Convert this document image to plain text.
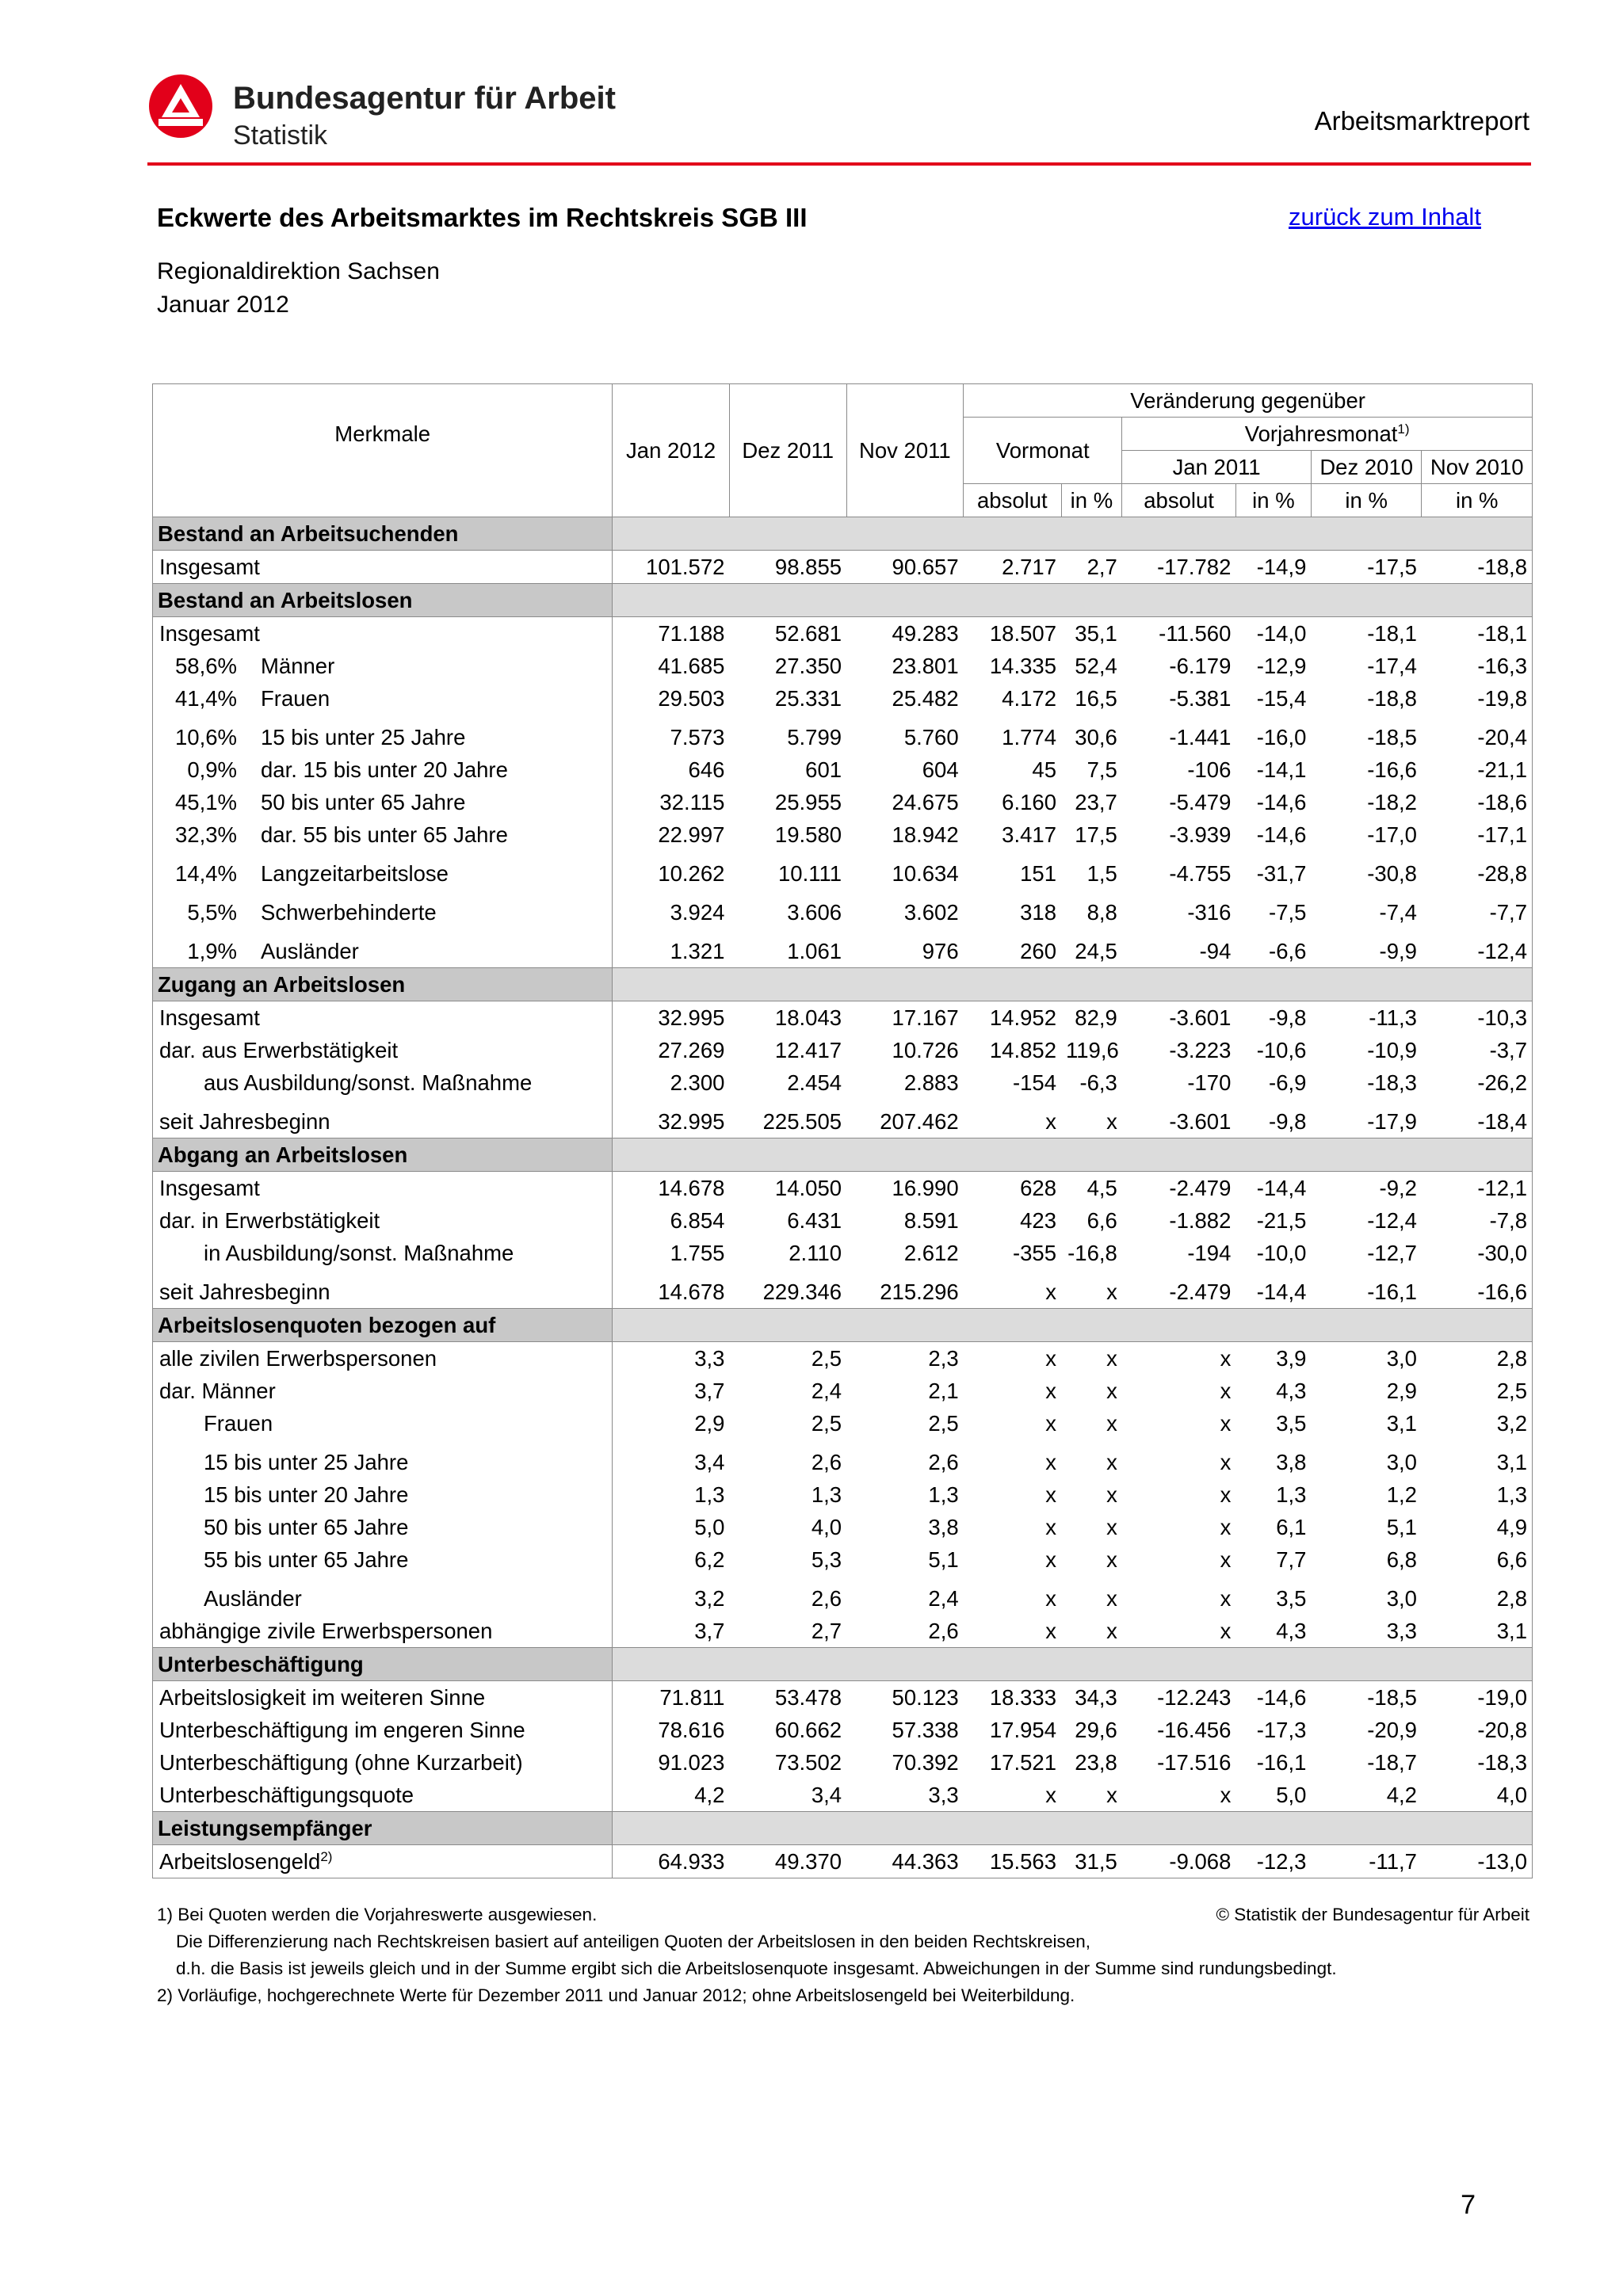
Bundesagentur für Arbeit
Statistik	Arbeitsmarktreport
Eckwerte des Arbeitsmarktes im Rechtskreis SGB III	zurück zum Inhalt
Regionaldirektion Sachsen
Januar 2012
Merkmale	Jan 2012	Dez 2011	Nov 2011	Veränderung gegenüber					
				Vormonat		Vorjahresmonat$^{1)}$
						Jan 2011		Dez 2010	Nov 2010
				absolut	in %	absolut	in %	in %	in %
Bestand an Arbeitsuchenden									
Insgesamt	101.572	98.855	90.657	2.717	2,7	-17.782	-14,9	-17,5	-18,8
Bestand an Arbeitslosen									
Insgesamt	71.188	52.681	49.283	18.507	35,1	-11.560	-14,0	-18,1	-18,1
58,6% Männer	41.685	27.350	23.801	14.335	52,4	-6.179	-12,9	-17,4	-16,3
41,4% Frauen	29.503	25.331	25.482	4.172	16,5	-5.381	-15,4	-18,8	-19,8
10,6% 15 bis unter 25 Jahre	7.573	5.799	5.760	1.774	30,6	-1.441	-16,0	-18,5	-20,4
0,9% dar. 15 bis unter 20 Jahre	646	601	604	45	7,5	-106	-14,1	-16,6	-21,1
45,1% 50 bis unter 65 Jahre	32.115	25.955	24.675	6.160	23,7	-5.479	-14,6	-18,2	-18,6
32,3% dar. 55 bis unter 65 Jahre	22.997	19.580	18.942	3.417	17,5	-3.939	-14,6	-17,0	-17,1
14,4% Langzeitarbeitslose	10.262	10.111	10.634	151	1,5	-4.755	-31,7	-30,8	-28,8
5,5% Schwerbehinderte	3.924	3.606	3.602	318	8,8	-316	-7,5	-7,4	-7,7
1,9% Ausländer	1.321	1.061	976	260	24,5	-94	-6,6	-9,9	-12,4
Zugang an Arbeitslosen									
Insgesamt	32.995	18.043	17.167	14.952	82,9	-3.601	-9,8	-11,3	-10,3
dar. aus Erwerbstätigkeit	27.269	12.417	10.726	14.852	119,6	-3.223	-10,6	-10,9	-3,7
aus Ausbildung/sonst. Maßnahme	2.300	2.454	2.883	-154	-6,3	-170	-6,9	-18,3	-26,2
seit Jahresbeginn	32.995	225.505	207.462	x	x	-3.601	-9,8	-17,9	-18,4
Abgang an Arbeitslosen									
Insgesamt	14.678	14.050	16.990	628	4,5	-2.479	-14,4	-9,2	-12,1
dar. in Erwerbstätigkeit	6.854	6.431	8.591	423	6,6	-1.882	-21,5	-12,4	-7,8
in Ausbildung/sonst. Maßnahme	1.755	2.110	2.612	-355	-16,8	-194	-10,0	-12,7	-30,0
seit Jahresbeginn	14.678	229.346	215.296	x	x	-2.479	-14,4	-16,1	-16,6
Arbeitslosenquoten bezogen auf									
alle zivilen Erwerbspersonen	3,3	2,5	2,3	x	x	x	3,9	3,0	2,8
dar. Männer	3,7	2,4	2,1	x	x	x	4,3	2,9	2,5
Frauen	2,9	2,5	2,5	x	x	x	3,5	3,1	3,2
15 bis unter 25 Jahre	3,4	2,6	2,6	x	x	x	3,8	3,0	3,1
15 bis unter 20 Jahre	1,3	1,3	1,3	x	x	x	1,3	1,2	1,3
50 bis unter 65 Jahre	5,0	4,0	3,8	x	x	x	6,1	5,1	4,9
55 bis unter 65 Jahre	6,2	5,3	5,1	x	x	x	7,7	6,8	6,6
Ausländer	3,2	2,6	2,4	x	x	x	3,5	3,0	2,8
abhängige zivile Erwerbspersonen	3,7	2,7	2,6	x	x	x	4,3	3,3	3,1
Unterbeschäftigung									
Arbeitslosigkeit im weiteren Sinne	71.811	53.478	50.123	18.333	34,3	-12.243	-14,6	-18,5	-19,0
Unterbeschäftigung im engeren Sinne	78.616	60.662	57.338	17.954	29,6	-16.456	-17,3	-20,9	-20,8
Unterbeschäftigung (ohne Kurzarbeit)	91.023	73.502	70.392	17.521	23,8	-17.516	-16,1	-18,7	-18,3
Unterbeschäftigungsquote	4,2	3,4	3,3	x	x	x	5,0	4,2	4,0
Leistungsempfänger									
Arbeitslosengeld$^{2)}$	64.933	49.370	44.363	15.563	31,5	-9.068	-12,3	-11,7	-13,0
1) Bei Quoten werden die Vorjahreswerte ausgewiesen.
Die Differenzierung nach Rechtskreisen basiert auf anteiligen Quoten der Arbeitslosen in den beiden Rechtskreisen,
d.h. die Basis ist jeweils gleich und in der Summe ergibt sich die Arbeitslosenquote insgesamt. Abweichungen in der Summe sind rundungsbedingt.
2) Vorläufige, hochgerechnete Werte für Dezember 2011 und Januar 2012; ohne Arbeitslosengeld bei Weiterbildung.
© Statistik der Bundesagentur für Arbeit
7
